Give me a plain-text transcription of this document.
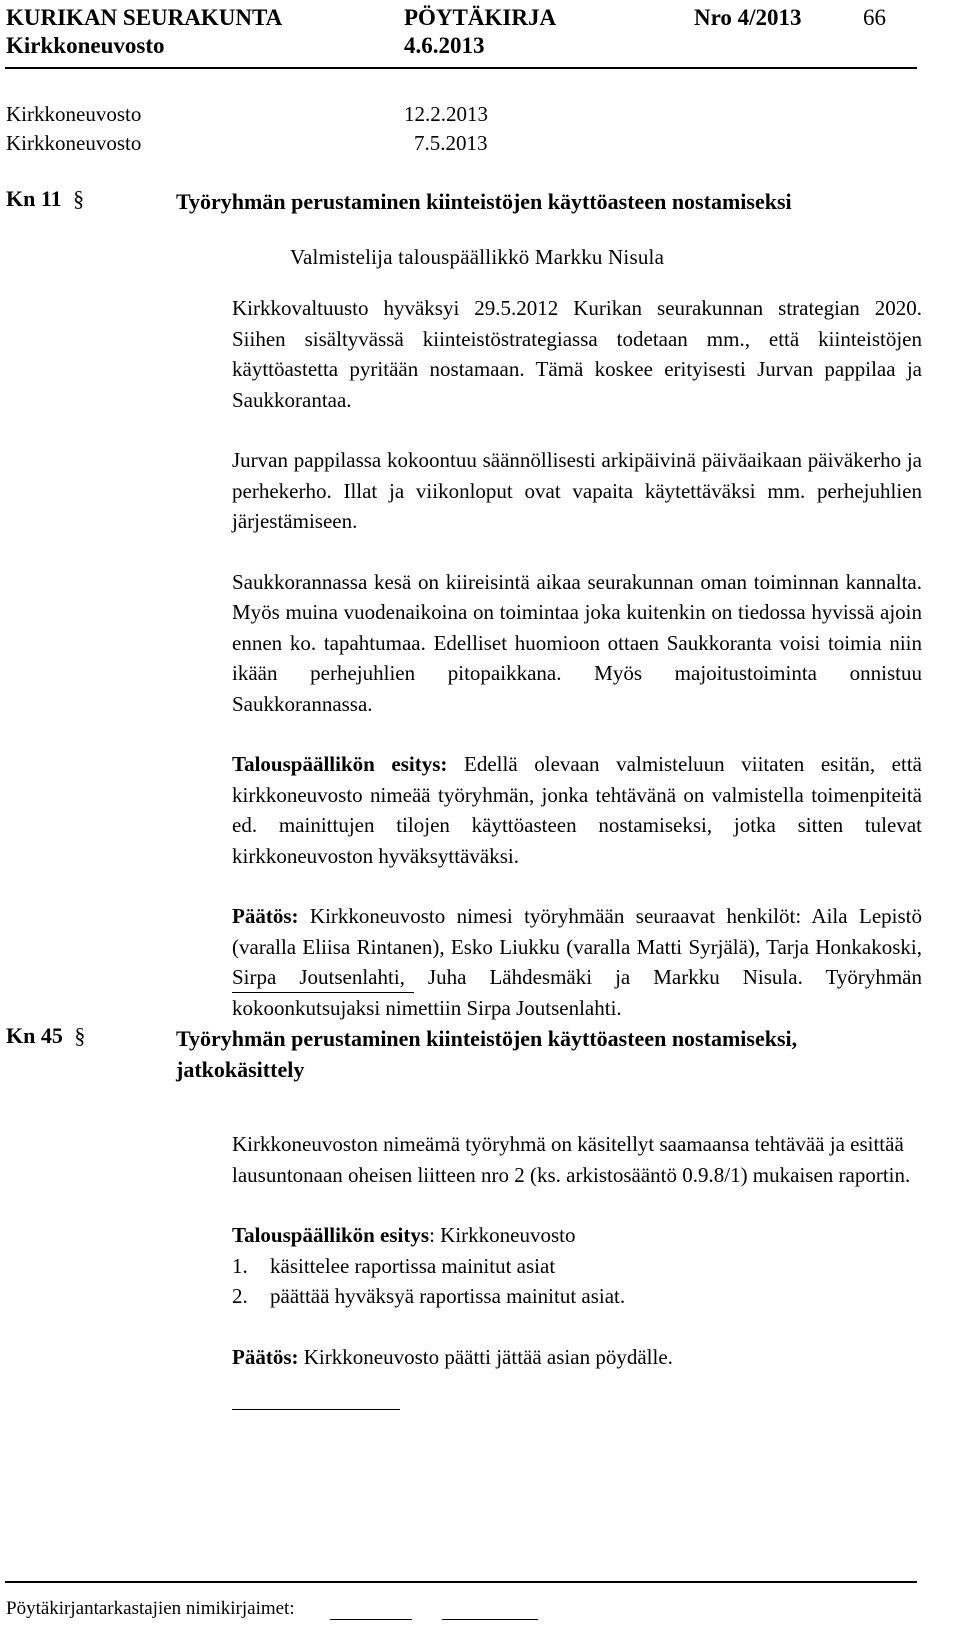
KURIKAN SEURAKUNTA	PÖYTÄKIRJA	Nro 4/2013	66
Kirkkoneuvosto	4.6.2013
Kirkkoneuvosto	12.2.2013
Kirkkoneuvosto	7.5.2013
Kn 11 §	Työryhmän perustaminen kiinteistöjen käyttöasteen nostamiseksi
Valmistelija talouspäällikkö Markku Nisula

Kirkkovaltuusto hyväksyi 29.5.2012 Kurikan seurakunnan strategian 2020. Siihen sisältyvässä kiinteistöstrategiassa todetaan mm., että kiinteistöjen käyttöastetta pyritään nostamaan. Tämä koskee erityisesti Jurvan pappilaa ja Saukkorantaa.

Jurvan pappilassa kokoontuu säännöllisesti arkipäivinä päiväaikaan päiväkerho ja perhekerho. Illat ja viikonloput ovat vapaita käytettäväksi mm. perhejuhlien järjestämiseen.

Saukkorannassa kesä on kiireisintä aikaa seurakunnan oman toiminnan kannalta. Myös muina vuodenaikoina on toimintaa joka kuitenkin on tiedossa hyvissä ajoin ennen ko. tapahtumaa. Edelliset huomioon ottaen Saukkoranta voisi toimia niin ikään perhejuhlien pitopaikkana. Myös majoitustoiminta onnistuu Saukkorannassa.

Talouspäällikön esitys: Edellä olevaan valmisteluun viitaten esitän, että kirkkoneuvosto nimeää työryhmän, jonka tehtävänä on valmistella toimenpiteitä ed. mainittujen tilojen käyttöasteen nostamiseksi, jotka sitten tulevat kirkkoneuvoston hyväksyttäväksi.

Päätös: Kirkkoneuvosto nimesi työryhmään seuraavat henkilöt: Aila Lepistö (varalla Eliisa Rintanen), Esko Liukku (varalla Matti Syrjälä), Tarja Honkakoski, Sirpa Joutsenlahti, Juha Lähdesmäki ja Markku Nisula. Työryhmän kokoonkutsujaksi nimettiin Sirpa Joutsenlahti.

Kn 45 §	Työryhmän perustaminen kiinteistöjen käyttöasteen nostamiseksi, jatkokäsittely

Kirkkoneuvoston nimeämä työryhmä on käsitellyt saamaansa tehtävää ja esittää lausuntonaan oheisen liitteen nro 2 (ks. arkistosääntö 0.9.8/1) mukaisen raportin.

Talouspäällikön esitys: Kirkkoneuvosto

1. käsittelee raportissa mainitut asiat
2. päättää hyväksyä raportissa mainitut asiat.

Päätös: Kirkkoneuvosto päätti jättää asian pöydälle.

Pöytäkirjantarkastajien nimikirjaimet:
